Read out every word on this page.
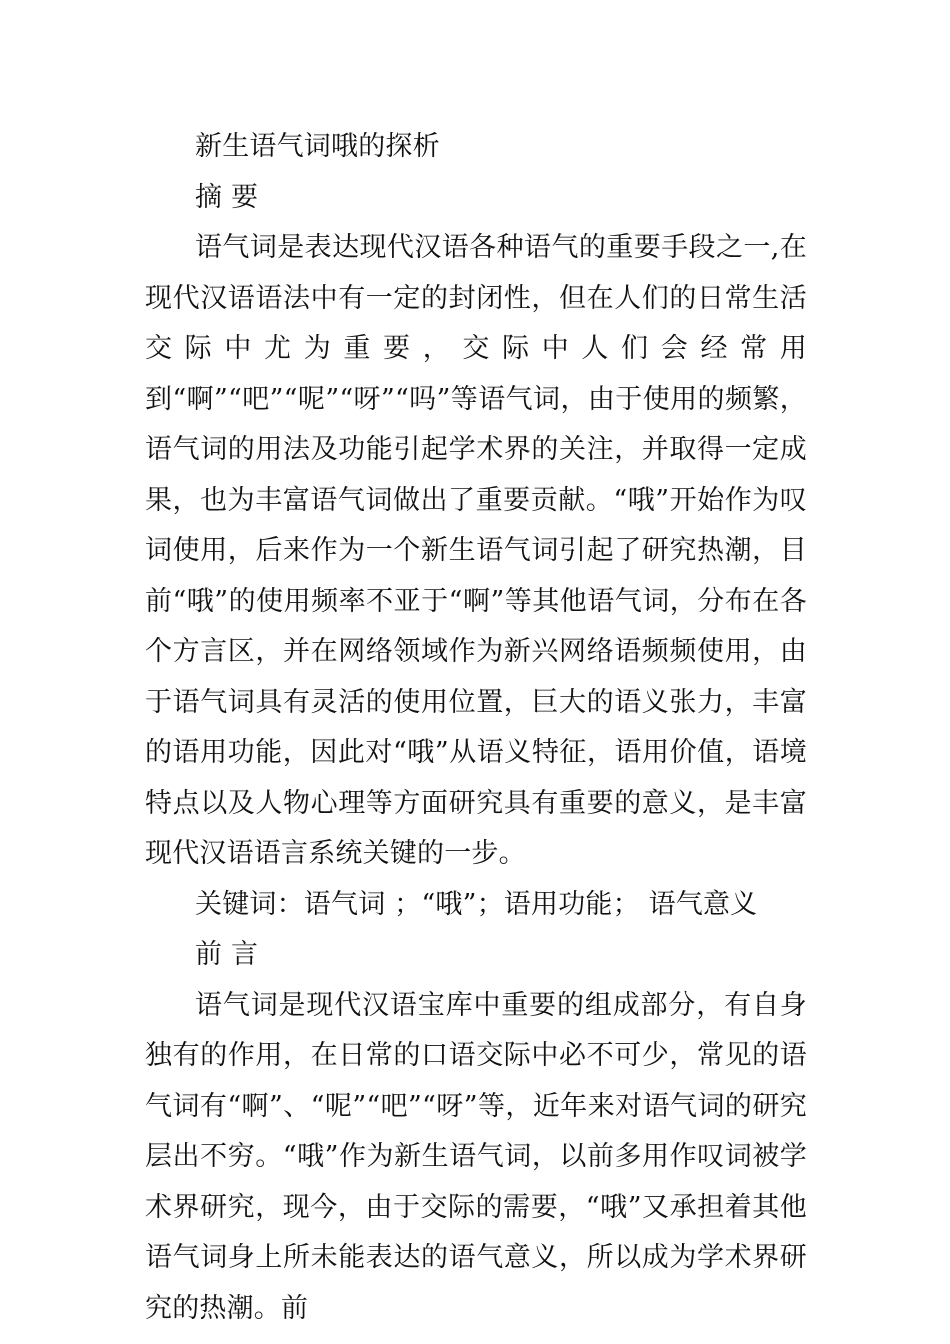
新生语气词哦的探析

摘 要

语气词是表达现代汉语各种语气的重要手段之一,在现代汉语语法中有一定的封闭性，但在人们的日常生活交际中尤为重要，交际中人们会经常用到“啊”“吧”“呢”“呀”“吗”等语气词，由于使用的频繁，语气词的用法及功能引起学术界的关注，并取得一定成果，也为丰富语气词做出了重要贡献。“哦”开始作为叹词使用，后来作为一个新生语气词引起了研究热潮，目前“哦”的使用频率不亚于“啊”等其他语气词，分布在各个方言区，并在网络领域作为新兴网络语频频使用，由于语气词具有灵活的使用位置，巨大的语义张力，丰富的语用功能，因此对“哦”从语义特征，语用价值，语境特点以及人物心理等方面研究具有重要的意义，是丰富现代汉语语言系统关键的一步。

关键词：语气词 ；“哦”；语用功能； 语气意义

前 言

语气词是现代汉语宝库中重要的组成部分，有自身独有的作用，在日常的口语交际中必不可少，常见的语气词有“啊”、“呢”“吧”“呀”等，近年来对语气词的研究层出不穷。“哦”作为新生语气词，以前多用作叹词被学术界研究，现今，由于交际的需要，“哦”又承担着其他语气词身上所未能表达的语气意义，所以成为学术界研究的热潮。前
